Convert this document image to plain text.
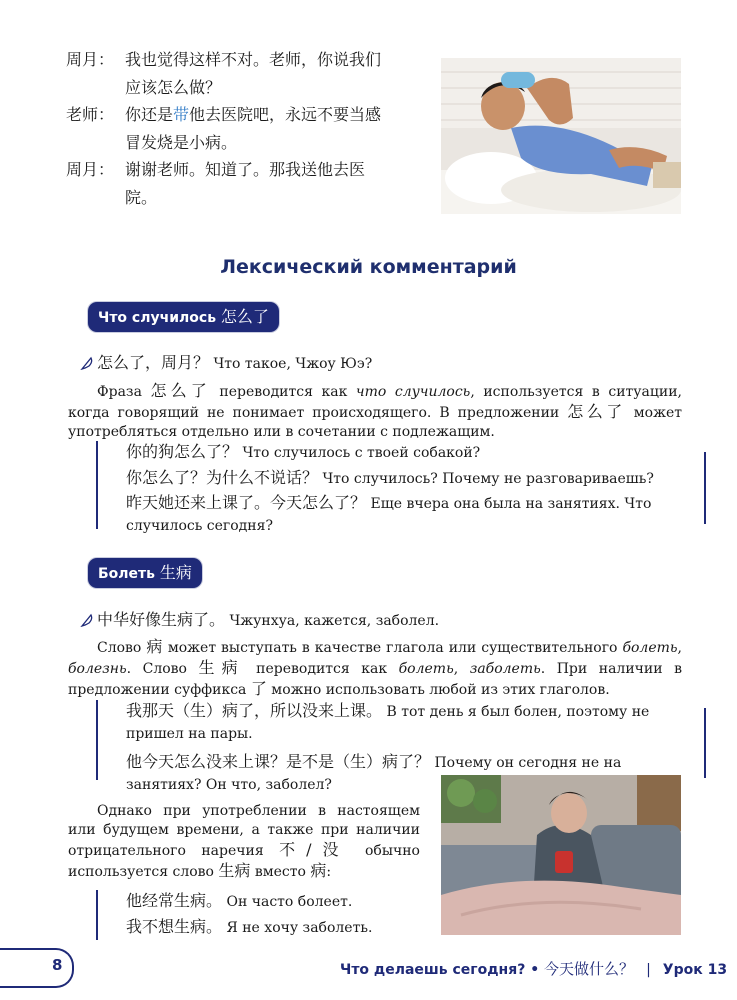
周月： 我也觉得这样不对。老师，你说我们
应该怎么做？
老师： 你还是带他去医院吧，永远不要当感
冒发烧是小病。
周月： 谢谢老师。知道了。那我送他去医
院。
Лексический комментарий
Что случилось 怎么了
怎么了，周月？ Что такое, Чжоу Юэ?
Фраза 怎么了 переводится как что случилось, используется в ситуации, когда говорящий не понимает происходящего. В предложении 怎么了 может употребляться отдельно или в сочетании с подлежащим.

你的狗怎么了？ Что случилось с твоей собакой?

你怎么了？为什么不说话？ Что случилось? Почему не разговариваешь?

昨天她还来上课了。今天怎么了？ Еще вчера она была на занятиях. Что случилось сегодня?

Болеть 生病
中华好像生病了。 Чжунхуа, кажется, заболел.
Слово 病 может выступать в качестве глагола или существительного болеть, болезнь. Слово 生病 переводится как болеть, заболеть. При наличии в предложении суффикса 了 можно использовать любой из этих глаголов.

我那天（生）病了，所以没来上课。 В тот день я был болен, поэтому не пришел на пары.

他今天怎么没来上课？是不是（生）病了？ Почему он сегодня не на занятиях? Он что, заболел?

Однако при употреблении в настоящем или будущем времени, а также при наличии отрицательного наречия 不/没 обычно используется слово 生病 вместо 病:

他经常生病。 Он часто болеет.

我不想生病。 Я не хочу заболеть.

8	Что делаешь сегодня? • 今天做什么？ | Урок 13
